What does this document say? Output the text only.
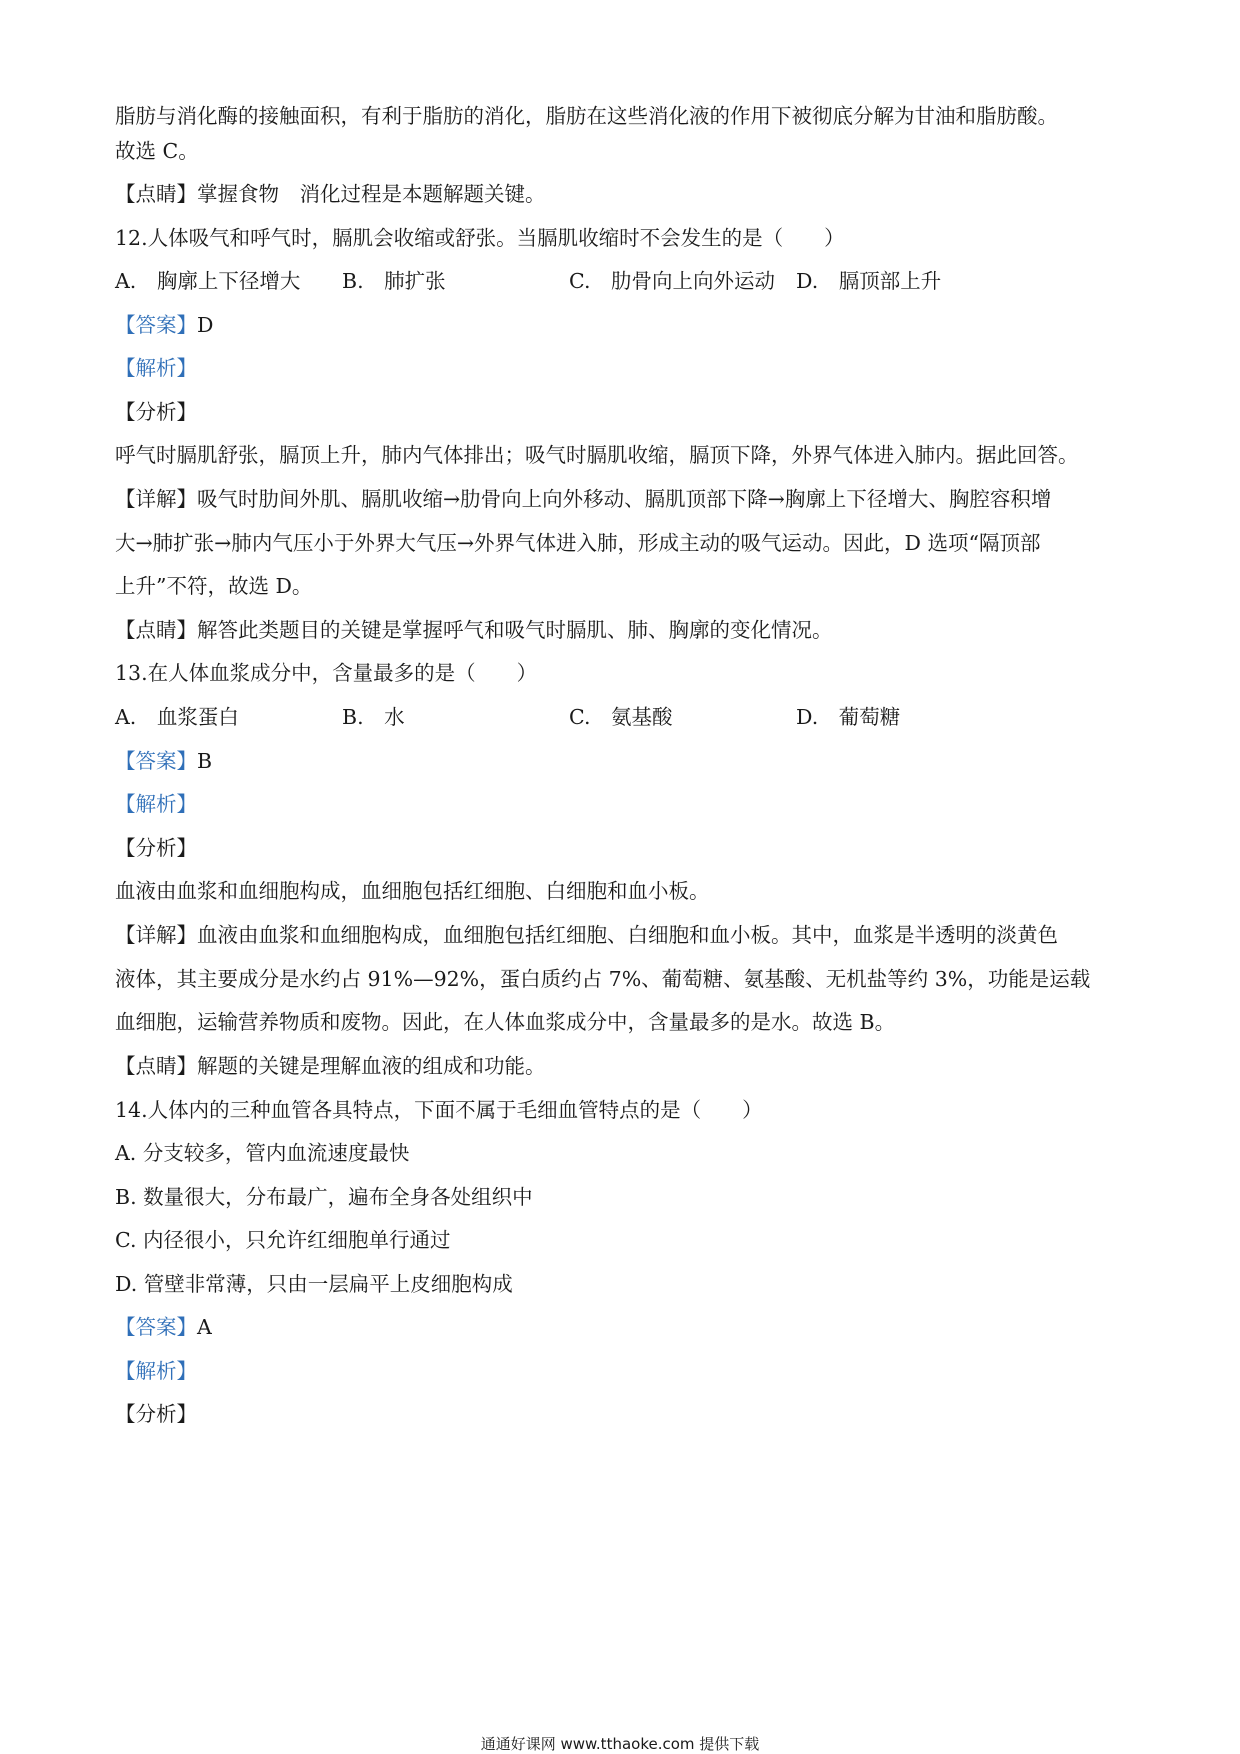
脂肪与消化酶的接触面积，有利于脂肪的消化，脂肪在这些消化液的作用下被彻底分解为甘油和脂肪酸。
故选 C。
【点睛】掌握食物　消化过程是本题解题关键。
12.人体吸气和呼气时，膈肌会收缩或舒张。当膈肌收缩时不会发生的是（　　）
A.　胸廓上下径增大 B.　肺扩张	C.　肋骨向上向外运动 D.　膈顶部上升
【答案】D
【解析】
【分析】
呼气时膈肌舒张，膈顶上升，肺内气体排出；吸气时膈肌收缩，膈顶下降，外界气体进入肺内。据此回答。
【详解】吸气时肋间外肌、膈肌收缩→肋骨向上向外移动、膈肌顶部下降→胸廓上下径增大、胸腔容积增
大→肺扩张→肺内气压小于外界大气压→外界气体进入肺，形成主动的吸气运动。因此，D 选项“隔顶部
上升”不符，故选 D。
【点睛】解答此类题目的关键是掌握呼气和吸气时膈肌、肺、胸廓的变化情况。
13.在人体血浆成分中，含量最多的是（　　）
A.　血浆蛋白	B.　水	C.　氨基酸	D.　葡萄糖
【答案】B
【解析】
【分析】
血液由血浆和血细胞构成，血细胞包括红细胞、白细胞和血小板。
【详解】血液由血浆和血细胞构成，血细胞包括红细胞、白细胞和血小板。其中，血浆是半透明的淡黄色
液体，其主要成分是水约占 91%—92%，蛋白质约占 7%、葡萄糖、氨基酸、无机盐等约 3%，功能是运载
血细胞，运输营养物质和废物。因此，在人体血浆成分中，含量最多的是水。故选 B。
【点睛】解题的关键是理解血液的组成和功能。
14.人体内的三种血管各具特点，下面不属于毛细血管特点的是（　　）
A. 分支较多，管内血流速度最快
B. 数量很大，分布最广，遍布全身各处组织中
C. 内径很小，只允许红细胞单行通过
D. 管壁非常薄，只由一层扁平上皮细胞构成
【答案】A
【解析】
【分析】
通通好课网 www.tthaoke.com 提供下载
